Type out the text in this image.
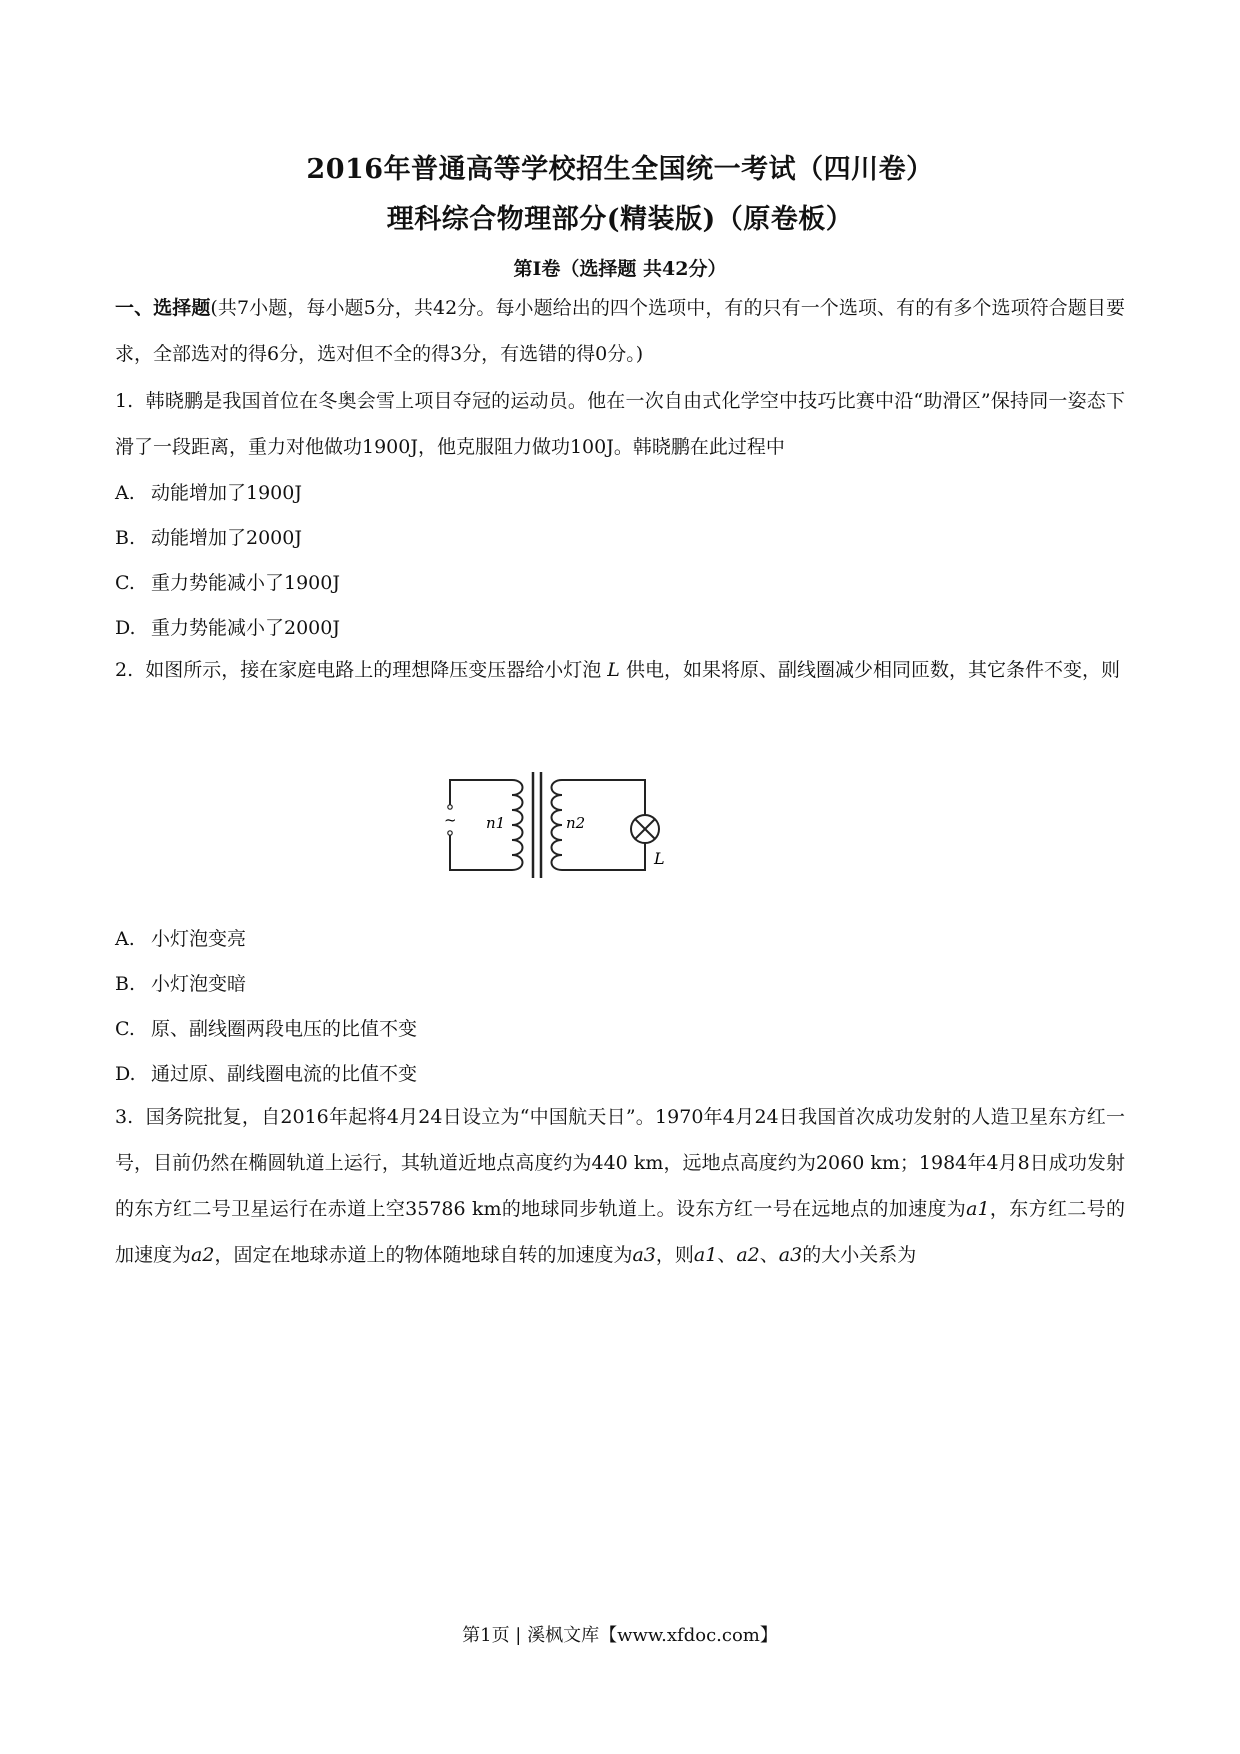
2016年普通高等学校招生全国统一考试（四川卷）
理科综合物理部分(精装版)（原卷板）
第I卷（选择题 共42分）
一、选择题(共7小题，每小题5分，共42分。每小题给出的四个选项中，有的只有一个选项、有的有多个选项符合题目要求，全部选对的得6分，选对但不全的得3分，有选错的得0分。)
1. 韩晓鹏是我国首位在冬奥会雪上项目夺冠的运动员。他在一次自由式化学空中技巧比赛中沿“助滑区”保持同一姿态下滑了一段距离，重力对他做功1900J，他克服阻力做功100J。韩晓鹏在此过程中
A. 动能增加了1900J
B. 动能增加了2000J
C. 重力势能减小了1900J
D. 重力势能减小了2000J
2. 如图所示，接在家庭电路上的理想降压变压器给小灯泡 L 供电，如果将原、副线圈减少相同匝数，其它条件不变，则
~ n1	n2
L
A. 小灯泡变亮
B. 小灯泡变暗
C. 原、副线圈两段电压的比值不变
D. 通过原、副线圈电流的比值不变
3. 国务院批复，自2016年起将4月24日设立为“中国航天日”。1970年4月24日我国首次成功发射的人造卫星东方红一号，目前仍然在椭圆轨道上运行，其轨道近地点高度约为440 km，远地点高度约为2060 km；1984年4月8日成功发射的东方红二号卫星运行在赤道上空35786 km的地球同步轨道上。设东方红一号在远地点的加速度为a1，东方红二号的加速度为a2，固定在地球赤道上的物体随地球自转的加速度为a3，则a1、a2、a3的大小关系为
第1页 | 溪枫文库【www.xfdoc.com】
